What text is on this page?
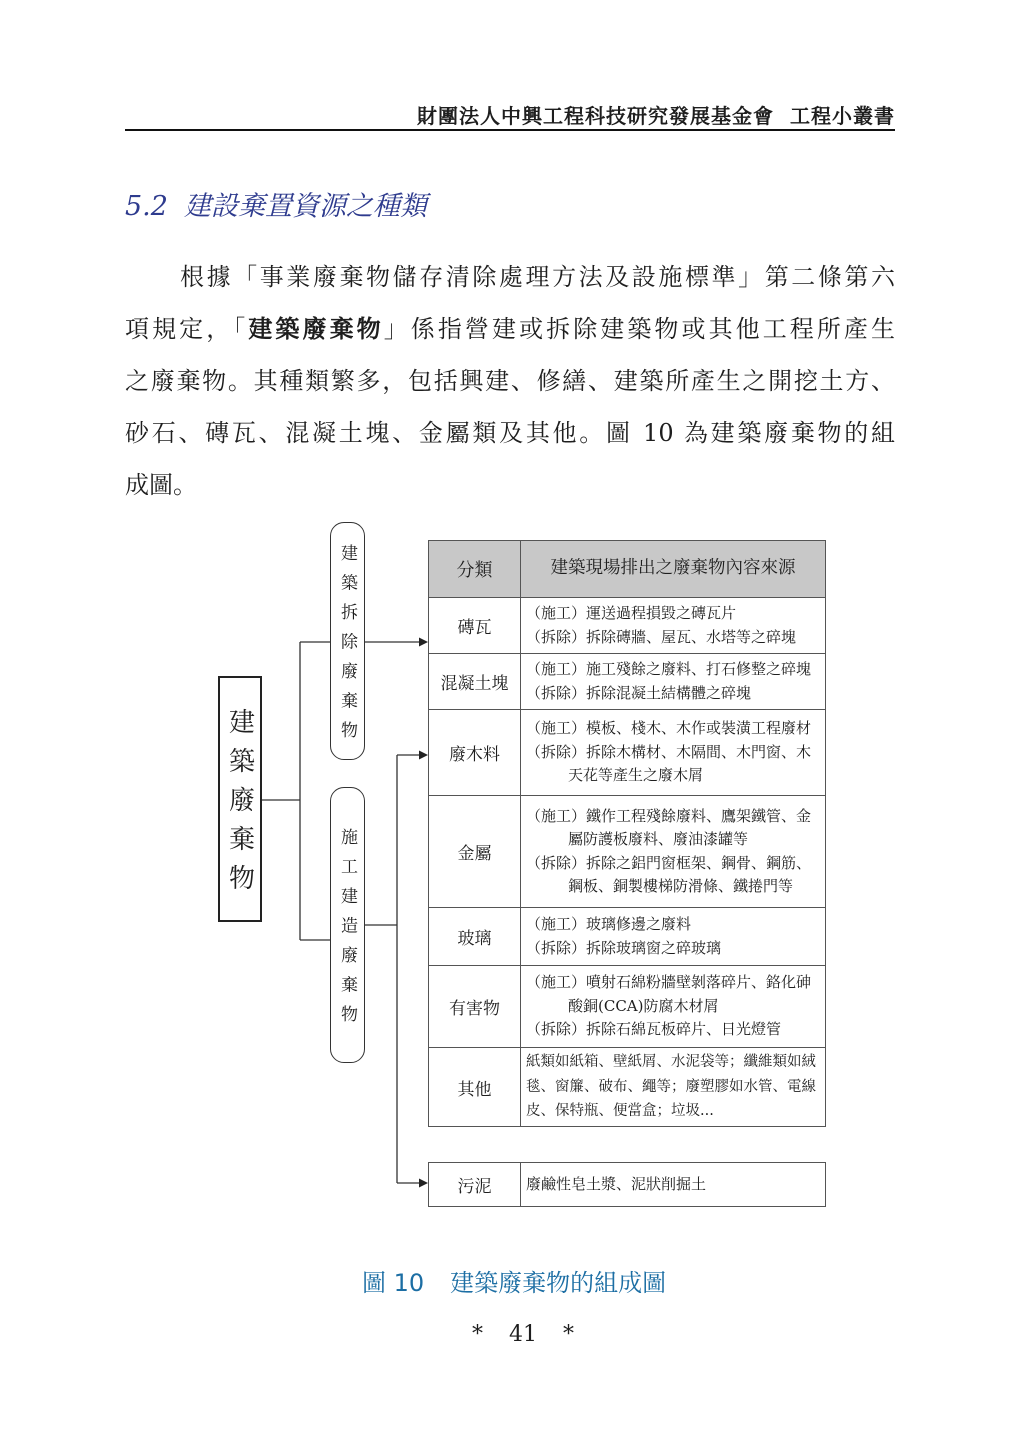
財團法人中興工程科技研究發展基金會 工程小叢書
5.2 建設棄置資源之種類
根據「事業廢棄物儲存清除處理方法及設施標準」第二條第六
項規定，「建築廢棄物」係指營建或拆除建築物或其他工程所產生
之廢棄物。其種類繁多，包括興建、修繕、建築所產生之開挖土方、
砂石、磚瓦、混凝土塊、金屬類及其他。圖 10 為建築廢棄物的組
成圖。
建築廢棄物
建築拆除廢棄物
施工建造廢棄物
分類	建築現場排出之廢棄物內容來源
磚瓦
（施工）運送過程損毀之磚瓦片
（拆除）拆除磚牆、屋瓦、水塔等之碎塊
混凝土塊
（施工）施工殘餘之廢料、打石修整之碎塊
（拆除）拆除混凝土結構體之碎塊
廢木料
（施工）模板、棧木、木作或裝潢工程廢材
（拆除）拆除木構材、木隔間、木門窗、木
天花等產生之廢木屑
金屬
（施工）鐵作工程殘餘廢料、鷹架鐵管、金
屬防護板廢料、廢油漆罐等
（拆除）拆除之鋁門窗框架、鋼骨、鋼筋、
鋼板、銅製樓梯防滑條、鐵捲門等
玻璃
（施工）玻璃修邊之廢料
（拆除）拆除玻璃窗之碎玻璃
有害物
（施工）噴射石綿粉牆壁剝落碎片、鉻化砷
酸銅(CCA)防腐木材屑
（拆除）拆除石綿瓦板碎片、日光燈管
其他
紙類如紙箱、壁紙屑、水泥袋等；纖維類如絨
毯、窗簾、破布、繩等；廢塑膠如水管、電線
皮、保特瓶、便當盒；垃圾...
污泥	廢鹼性皂土漿、泥狀削掘土
圖 10 建築廢棄物的組成圖
* 41 *
